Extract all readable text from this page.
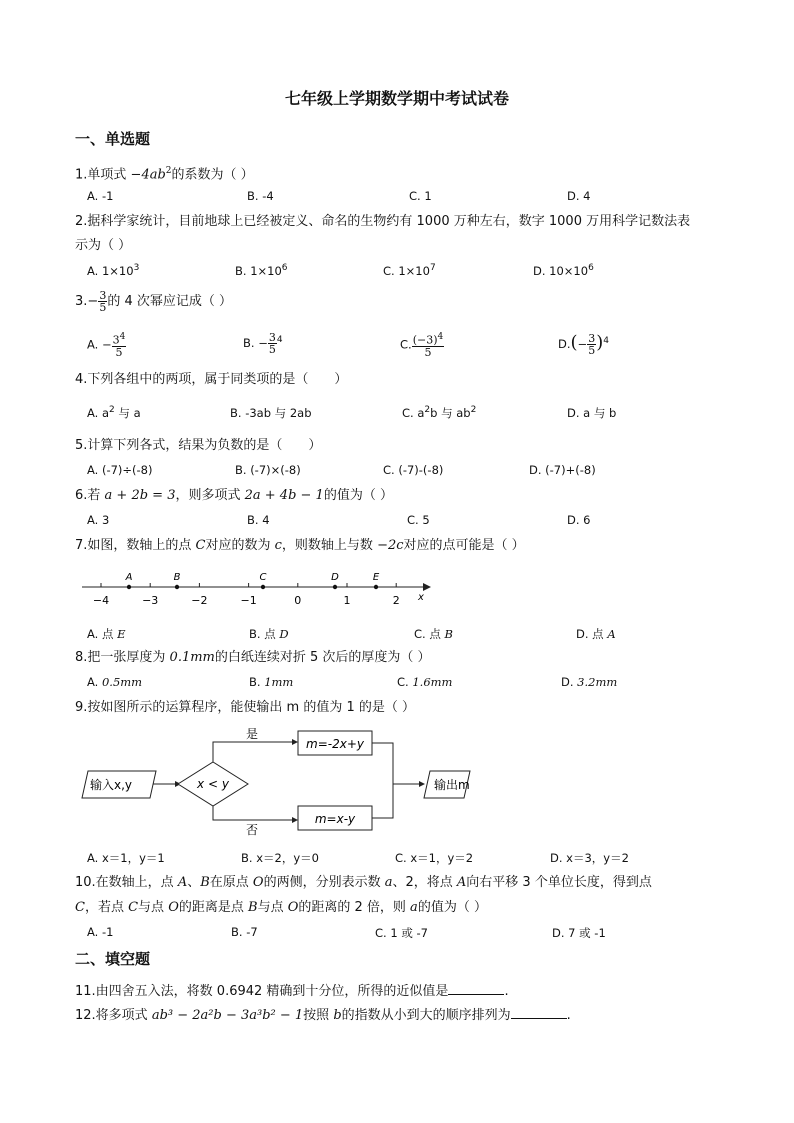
七年级上学期数学期中考试试卷
一、单选题
1.单项式 $-4ab^2$的系数为（ ）
A. -1	B. -4	C. 1	D. 4
2.据科学家统计，目前地球上已经被定义、命名的生物约有 1000 万种左右，数字 1000 万用科学记数法表
示为（ ）
A. $1\times 10^3$	B. $1\times 10^6$	C. $1\times 10^7$	D. $10\times 10^6$
$3.- \frac{3}{5}$ 的 4 次幂应记成（ ）
A. − $\frac{3^4}{5}$	B. − $\frac{3}{5} ^4$	C. $\frac{(-3)^4}{5}$	$D.(- \frac{3}{5} )^4$
4.下列各组中的两项，属于同类项的是（　　）
A. $a^2$ 与 a	B. -3ab 与 2ab	C. $a^2b$ 与 $ab^2$	D. a 与 b
5.计算下列各式，结果为负数的是（　　）
A. (-7)÷(-8)	B. (-7)×(-8)	C. (-7)-(-8)	D. (-7)+(-8)
6.若 a + 2b = 3，则多项式 2a + 4b − 1的值为（ ）
A. 3	B. 4	C. 5	D. 6
7.如图，数轴上的点 C对应的数为 c，则数轴上与数 −2c对应的点可能是（ ）
−4	−3	−2	−1	0	1	2 x
A	B	C	D	E
A. 点 E	B. 点 D	C. 点 B	D. 点 A
8.把一张厚度为 0.1mm的白纸连续对折 5 次后的厚度为（ ）
A. 0.5mm	B. 1mm	C. 1.6mm	D. 3.2mm
9.按如图所示的运算程序，能使输出 m 的值为 1 的是（ ）
输入x,y	x < y
是
否
m=-2x+y
m=x-y
输出m
A. x＝1，y＝1	B. x＝2，y＝0	C. x＝1，y＝2	D. x＝3，y＝2
10.在数轴上，点 A、B在原点 O的两侧，分别表示数 a、2，将点 A向右平移 3 个单位长度，得到点
C，若点 C与点 O的距离是点 B与点 O的距离的 2 倍，则 a的值为（ ）
A. -1	B. -7	C. 1 或 -7	D. 7 或 -1
二、填空题
11.由四舍五入法，将数 0.6942 精确到十分位，所得的近似值是	.
12.将多项式 ab³ − 2a²b − 3a³b² − 1按照 b的指数从小到大的顺序排列为	.
